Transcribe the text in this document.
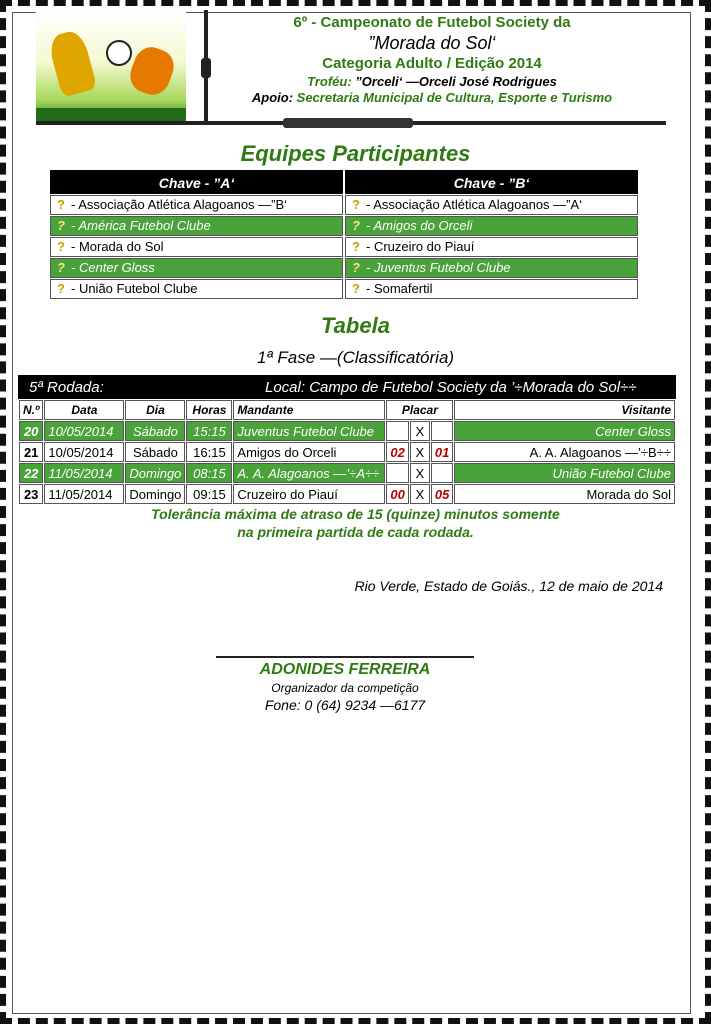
6º - Campeonato de Futebol Society da
”Morada do Sol‘
Categoria Adulto / Edição 2014
Troféu: ”Orceli‘ —Orceli José Rodrigues
Apoio: Secretaria Municipal de Cultura, Esporte e Turismo
Equipes Participantes
Chave - ”A‘
? - Associação Atlética Alagoanos —”B‘
? - América Futebol Clube
? - Morada do Sol
? - Center Gloss
? - União Futebol Clube
Chave - ”B‘
? - Associação Atlética Alagoanos —”A‘
? - Amigos do Orceli
? - Cruzeiro do Piauí
? - Juventus Futebol Clube
? - Somafertil
Tabela
1ª Fase —(Classificatória)
5ª Rodada:	Local: Campo de Futebol Society da ’÷Morada do Sol÷÷
N.º	Data	Dia	Horas	Mandante	Placar			Visitante
20	10/05/2014	Sábado	15:15	Juventus Futebol Clube	01	X	00	Center Gloss
21	10/05/2014	Sábado	16:15	Amigos do Orceli	02	X	01	A. A. Alagoanos —’÷B÷÷
22	11/05/2014	Domingo	08:15	A. A. Alagoanos —’÷A÷÷	02	X	01	União Futebol Clube
23	11/05/2014	Domingo	09:15	Cruzeiro do Piauí	00	X	05	Morada do Sol
Tolerância máxima de atraso de 15 (quinze) minutos somente
na primeira partida de cada rodada.
Rio Verde, Estado de Goiás., 12 de maio de 2014
ADONIDES FERREIRA
Organizador da competição
Fone: 0 (64) 9234 —6177
